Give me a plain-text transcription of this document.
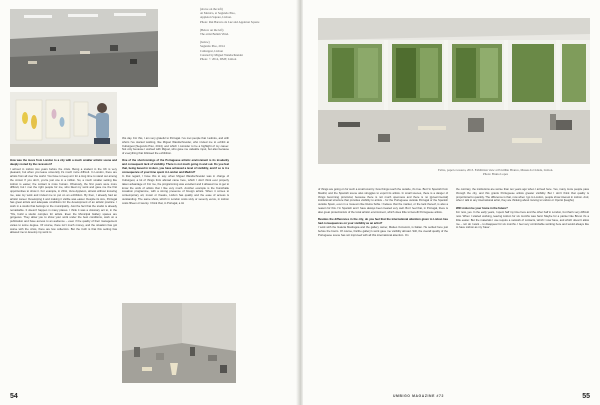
(above on the left)
At Monica, at Segundo Piso,
Appleton Square, Lisbon.
Photo: Rui Barreto da Luz and Appleton Square
(Below on the left)
The artist Belém Vitiel.
(below)
Segundo Piso, 2014
Culturgest, Lisbon
Curated by Miguel Wandschneider
Photo: © 2014, DMF, Lisbon

How was the move from London to a city with a much smaller artistic scene and deeply rooted by the recession?

I arrived in Lisbon two years before the crisis. Being a student in the UK is very pleasant, but when you leave university it's much more difficult. In London, there are artists from all over the world. You have to keep at it for a long time to stand out among the crowd. If you don't, you're just one in a million. So, a much smaller setting like Lisbon is easier, the contact is more human. Obviously, the first years were more difficult, but I met the right people for me, who liked my work and gave me the first opportunities to show it. For example, in 2011, Vera Appleton, almost without knowing me, saw my work and invited me to put on an exhibition. By then, I already had an artistic career. Developing it and making it visible was easier. Despite its size, Portugal has great artists and adequate conditions for the development of an artistic practice. I work in a studio that belongs to the municipality. Just the fact that the studio is already remarkable. It doesn't happen in many places. I think it was a visionary act to, in the '70s, build a studio complex for artists. Even the Municipal Gallery spaces are gorgeous. They allow you to show your work under the best conditions, work on a publication and have access to an audience – even if the quality of their management varies to some degree. Of course, there isn't much money, and the situation has got worse with the crisis, there are few collectors. But the truth is that this setting has allowed me to develop my work to

this day. For this, I am very grateful to Portugal. I've met people that I admire, and with whom I've started working, like Miguel Wandschneider, who invited me to exhibit at Culturgest [Segundo Piso, 2014], and which I consider to be a highlight of my career. Not only because I worked with Miguel, who gave me valuable input, but also because of everything that followed the exhibition.

One of the shortcomings of the Portuguese artistic environment is its insularity and consequent lack of visibility. There is not much going in and out. Do you feel that, being based in Lisbon, you have achieved a level of visibility, and if so is it a consequence of your time spent in London and Madrid?

In that regard, I have this to say: when Miguel Wandschneider was in charge of Culturgest, a lot of things from abroad came here, which I don't think ever properly taken advantage of. For me, the programming was excellent and it allowed me to get to know the work of artists that I like very much. Another example is the Kunsthalle Lissabon programme, with a strong presence of foreign artists. When it comes to contemporary art, music or theatre, Lisbon has quality and the ease of access is outstanding. The same show, which in London costs sixty or seventy euros, in Lisbon costs fifteen or twenty. I think that, in Portugal, a lot

54
Feltro, papel e tesoura, 2013. Exhibition view at Pavilhão Branco, Museu da Cidade, Lisbon.
Photo: Bruno Lopes

of things are going on for such a small country. Few things reach the outside, it's true. But I'm Spanish from Madrid, and the Spanish scene also struggles to export its artists. In small scenes, there is a danger of things becoming provincial, because there is not much openness and there is no [governmental] institutional structure that provides visibility to artists – for the Portuguese outside Portugal or the Spanish outside Spain, even in a museum like Reina Sofia. I believe that the market, or the lack thereof, is also a reason for this. I'm Spanish and I have always been treated very well. But I feel that, in Portugal, there is also great protectionism of the local artistic environment, which does little to benefit Portuguese artists.

Besides the differences in the city, do you feel that the international attention given to Lisbon has had consequences on your visibility as an artist?

I work with the Galeria Madragoa and the gallery owner, Matteo Consonni, is Italian. He settled here just before the boom. Of course, his/the gallery's work gave me visibility abroad. Still, the overall quality of the Portuguese scene has not improved with all this international attention. On

the contrary, the institutions are worse than ten years ago when I arrived here. Yes, many more people pass through the city, and this grants Portuguese artists greater visibility. But I don't think that quality is proportional to quantity. The difference is that, now when I go to London, people show interest in Lisbon. And, when I talk to any international artist, they are thinking about moving to Lisbon or Oporto [laughs].

Will Lisbon be your home in the future?

For now, yes. In the early years, I spent half my time here and the other half in London, but that's very difficult now. When I started working, leaving Lisbon for six months was hard. Maybe for a painter like Bruno it's a little easier. But the materials I use require a network of contacts, which I now have, and which doesn't allow me – nor do I want – to disappear for six months. I feel very comfortable working here and would always like to have Lisbon as my 'base'.

UMBIGO MAGAZINE #72	55
